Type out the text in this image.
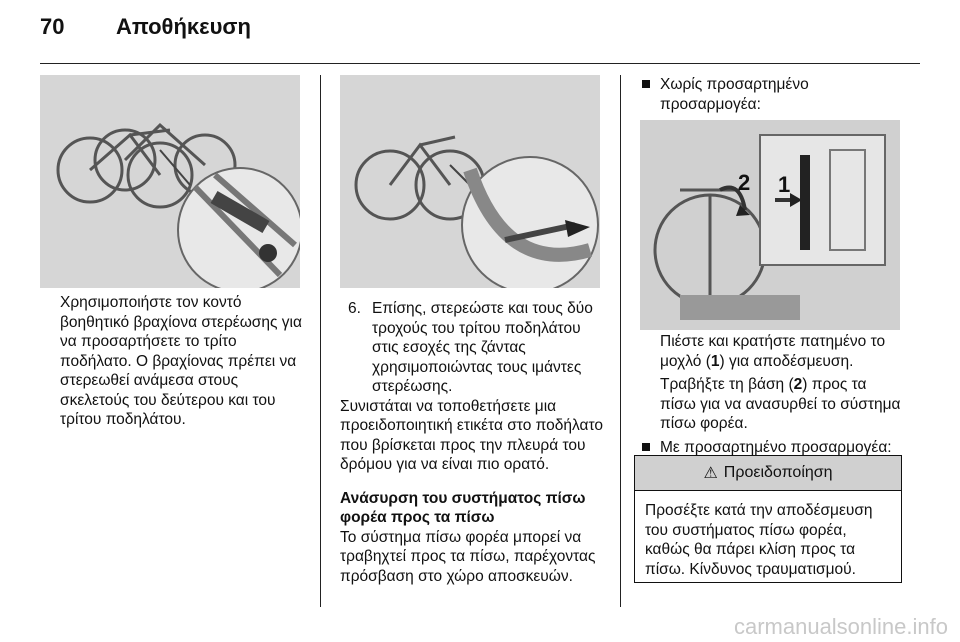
70 Αποθήκευση

Χρησιμοποιήστε τον κοντό βοηθητικό βραχίονα στερέωσης για να προσαρτήσετε το τρίτο ποδήλατο. Ο βραχίονας πρέπει να στερεωθεί ανάμεσα στους σκελετούς του δεύτερου και του τρίτου ποδηλάτου.

6. Επίσης, στερεώστε και τους δύο τροχούς του τρίτου ποδηλάτου στις εσοχές της ζάντας χρησιμοποιώντας τους ιμάντες στερέωσης.

Συνιστάται να τοποθετήσετε μια προειδοποιητική ετικέτα στο ποδήλατο που βρίσκεται προς την πλευρά του δρόμου για να είναι πιο ορατό.

Ανάσυρση του συστήματος πίσω φορέα προς τα πίσω

Το σύστημα πίσω φορέα μπορεί να τραβηχτεί προς τα πίσω, παρέχοντας πρόσβαση στο χώρο αποσκευών.

Χωρίς προσαρτημένο προσαρμογέα:

2 1

Πιέστε και κρατήστε πατημένο το μοχλό (1) για αποδέσμευση.

Τραβήξτε τη βάση (2) προς τα πίσω για να ανασυρθεί το σύστημα πίσω φορέα.

Με προσαρτημένο προσαρμογέα:

⚠ Προειδοποίηση
Προσέξτε κατά την αποδέσμευση του συστήματος πίσω φορέα, καθώς θα πάρει κλίση προς τα πίσω. Κίνδυνος τραυματισμού.
carmanualsonline.info
